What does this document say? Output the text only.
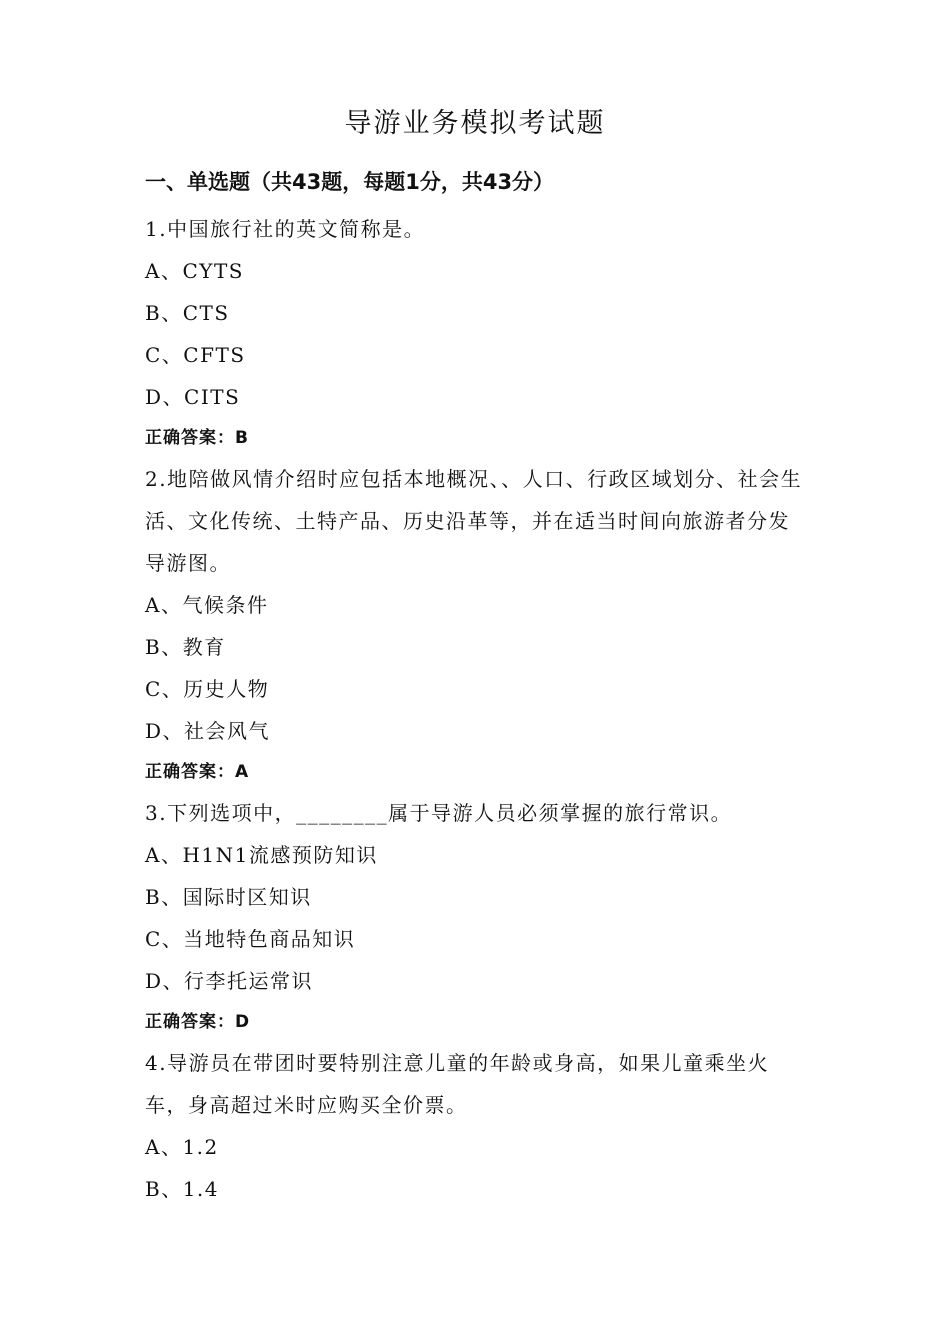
导游业务模拟考试题
一、单选题（共43题，每题1分，共43分）
1.中国旅行社的英文简称是。
A、CYTS
B、CTS
C、CFTS
D、CITS
正确答案：B
2.地陪做风情介绍时应包括本地概况、、人口、行政区域划分、社会生活、文化传统、土特产品、历史沿革等，并在适当时间向旅游者分发导游图。
A、气候条件
B、教育
C、历史人物
D、社会风气
正确答案：A
3.下列选项中，________属于导游人员必须掌握的旅行常识。
A、H1N1流感预防知识
B、国际时区知识
C、当地特色商品知识
D、行李托运常识
正确答案：D
4.导游员在带团时要特别注意儿童的年龄或身高，如果儿童乘坐火车，身高超过米时应购买全价票。
A、1.2
B、1.4
